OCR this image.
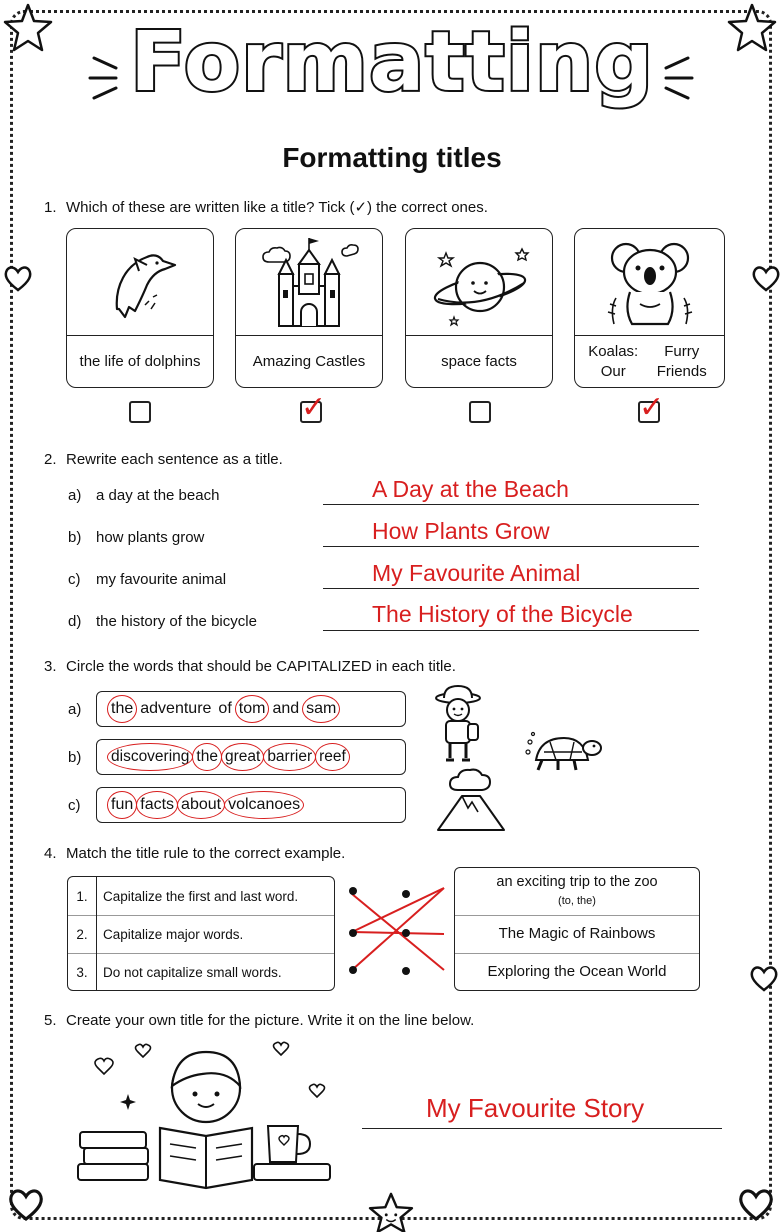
Formatting
Formatting titles
1. Which of these are written like a title? Tick (✓) the correct ones.
the life of dolphins	Amazing Castles	space facts
Koalas: Our

Furry Friends
✓	✓
2. Rewrite each sentence as a title.
a) a day at the beach	A Day at the Beach
b) how plants grow	How Plants Grow
c) my favourite animal	My Favourite Animal
d) the history of the bicycle	The History of the Bicycle
3. Circle the words that should be CAPITALIZED in each title.
a) the adventure of tom and sam
b) discovering the great barrier reef
c) fun facts about volcanoes
4. Match the title rule to the correct example.
1.	Capitalize the first and last word.
2.	Capitalize major words.
3.	Do not capitalize small words.
an exciting trip to the zoo
(to, the)
The Magic of Rainbows
Exploring the Ocean World
5. Create your own title for the picture. Write it on the line below.
My Favourite Story
